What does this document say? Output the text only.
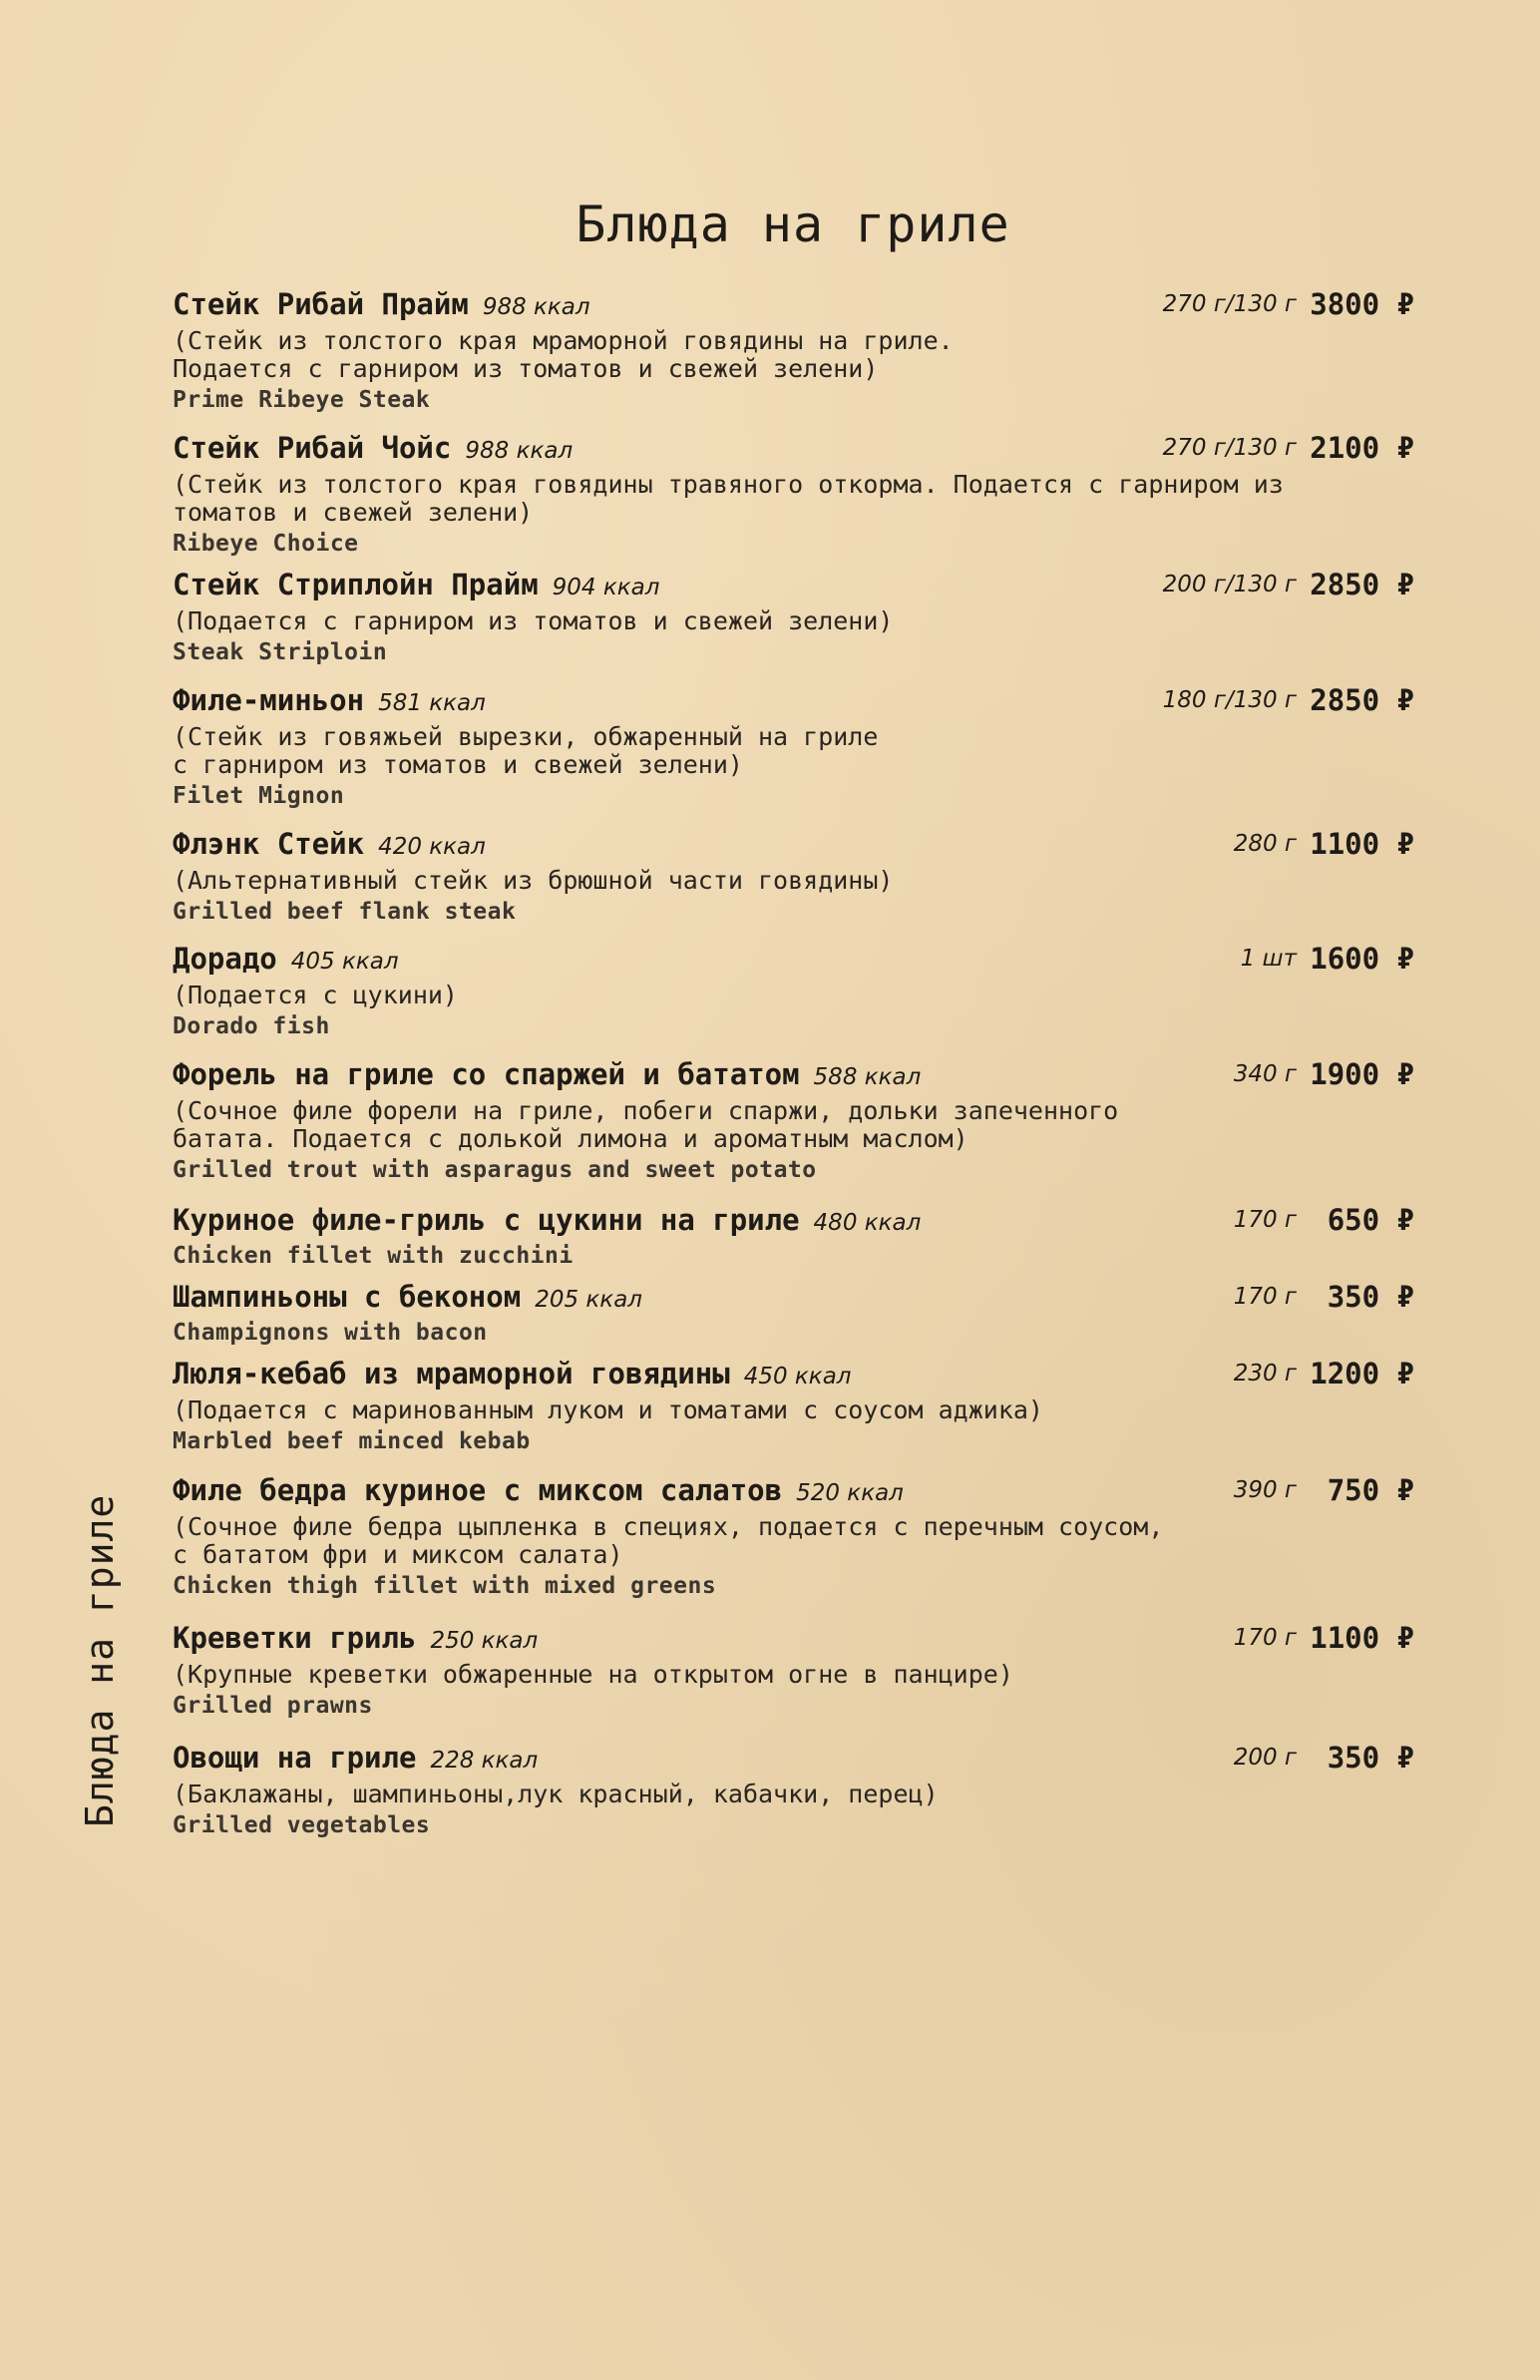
Блюда на гриле
Блюда на гриле
Стейк Рибай Прайм 988 ккал	270 г/130 г 3800 ₽
(Стейк из толстого края мраморной говядины на гриле.
Подается с гарниром из томатов и свежей зелени)
Prime Ribeye Steak
Стейк Рибай Чойс 988 ккал	270 г/130 г 2100 ₽
(Стейк из толстого края говядины травяного откорма. Подается с гарниром из
томатов и свежей зелени)
Ribeye Choice
Стейк Стриплойн Прайм 904 ккал	200 г/130 г 2850 ₽
(Подается с гарниром из томатов и свежей зелени)
Steak Striploin
Филе-миньон 581 ккал	180 г/130 г 2850 ₽
(Стейк из говяжьей вырезки, обжаренный на гриле
с гарниром из томатов и свежей зелени)
Filet Mignon
Флэнк Стейк 420 ккал	280 г 1100 ₽
(Альтернативный стейк из брюшной части говядины)
Grilled beef flank steak
Дорадо 405 ккал	1 шт 1600 ₽
(Подается с цукини)
Dorado fish
Форель на гриле со спаржей и бататом 588 ккал	340 г 1900 ₽
(Сочное филе форели на гриле, побеги спаржи, дольки запеченного
батата. Подается с долькой лимона и ароматным маслом)
Grilled trout with asparagus and sweet potato
Куриное филе-гриль с цукини на гриле 480 ккал	170 г 650 ₽
Chicken fillet with zucchini
Шампиньоны с беконом 205 ккал	170 г 350 ₽
Champignons with bacon
Люля-кебаб из мраморной говядины 450 ккал	230 г 1200 ₽
(Подается с маринованным луком и томатами с соусом аджика)
Marbled beef minced kebab
Филе бедра куриное с миксом салатов 520 ккал	390 г 750 ₽
(Сочное филе бедра цыпленка в специях, подается с перечным соусом,
с бататом фри и миксом салата)
Chicken thigh fillet with mixed greens
Креветки гриль 250 ккал	170 г 1100 ₽
(Крупные креветки обжаренные на открытом огне в панцире)
Grilled prawns
Овощи на гриле 228 ккал	200 г 350 ₽
(Баклажаны, шампиньоны,лук красный, кабачки, перец)
Grilled vegetables
